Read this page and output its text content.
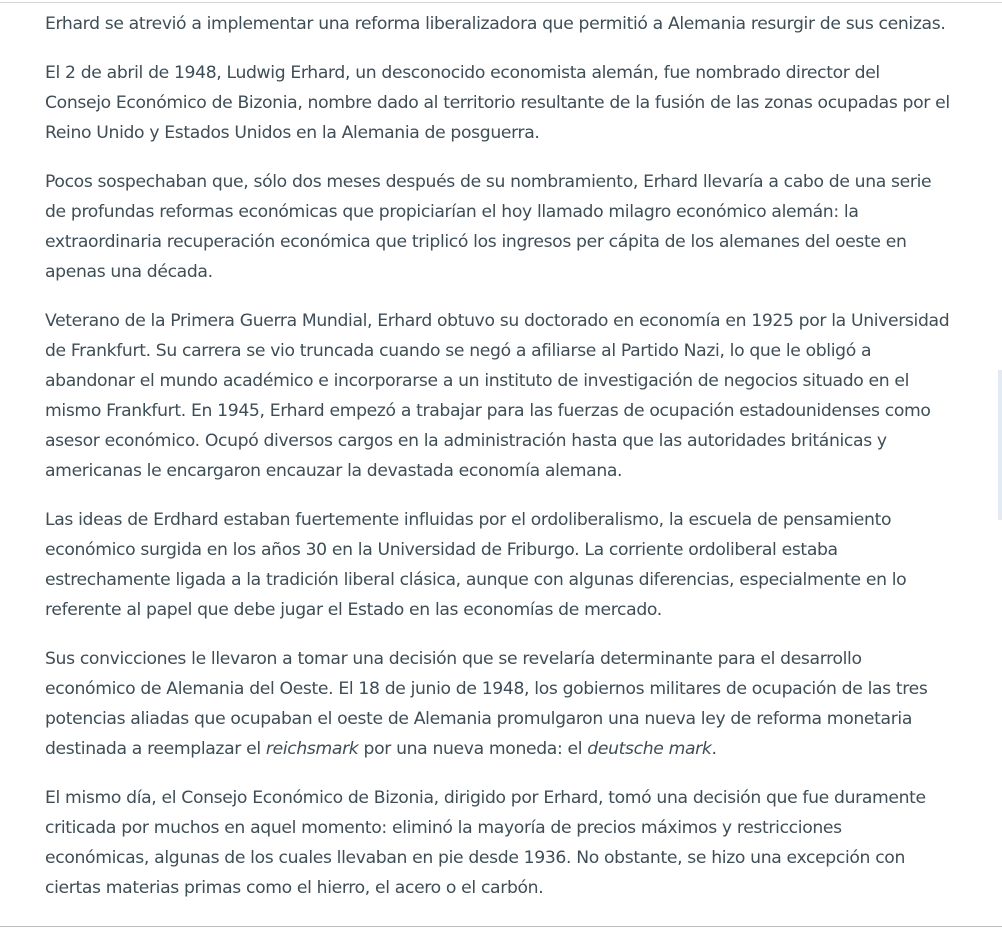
Erhard se atrevió a implementar una reforma liberalizadora que permitió a Alemania resurgir de sus cenizas.

El 2 de abril de 1948, Ludwig Erhard, un desconocido economista alemán, fue nombrado director del Consejo Económico de Bizonia, nombre dado al territorio resultante de la fusión de las zonas ocupadas por el Reino Unido y Estados Unidos en la Alemania de posguerra.

Pocos sospechaban que, sólo dos meses después de su nombramiento, Erhard llevaría a cabo de una serie de profundas reformas económicas que propiciarían el hoy llamado milagro económico alemán: la extraordinaria recuperación económica que triplicó los ingresos per cápita de los alemanes del oeste en apenas una década.

Veterano de la Primera Guerra Mundial, Erhard obtuvo su doctorado en economía en 1925 por la Universidad de Frankfurt. Su carrera se vio truncada cuando se negó a afiliarse al Partido Nazi, lo que le obligó a abandonar el mundo académico e incorporarse a un instituto de investigación de negocios situado en el mismo Frankfurt. En 1945, Erhard empezó a trabajar para las fuerzas de ocupación estadounidenses como asesor económico. Ocupó diversos cargos en la administración hasta que las autoridades británicas y americanas le encargaron encauzar la devastada economía alemana.

Las ideas de Erdhard estaban fuertemente influidas por el ordoliberalismo, la escuela de pensamiento económico surgida en los años 30 en la Universidad de Friburgo. La corriente ordoliberal estaba estrechamente ligada a la tradición liberal clásica, aunque con algunas diferencias, especialmente en lo referente al papel que debe jugar el Estado en las economías de mercado.

Sus convicciones le llevaron a tomar una decisión que se revelaría determinante para el desarrollo económico de Alemania del Oeste. El 18 de junio de 1948, los gobiernos militares de ocupación de las tres potencias aliadas que ocupaban el oeste de Alemania promulgaron una nueva ley de reforma monetaria destinada a reemplazar el reichsmark por una nueva moneda: el deutsche mark.

El mismo día, el Consejo Económico de Bizonia, dirigido por Erhard, tomó una decisión que fue duramente criticada por muchos en aquel momento: eliminó la mayoría de precios máximos y restricciones económicas, algunas de los cuales llevaban en pie desde 1936. No obstante, se hizo una excepción con ciertas materias primas como el hierro, el acero o el carbón.
